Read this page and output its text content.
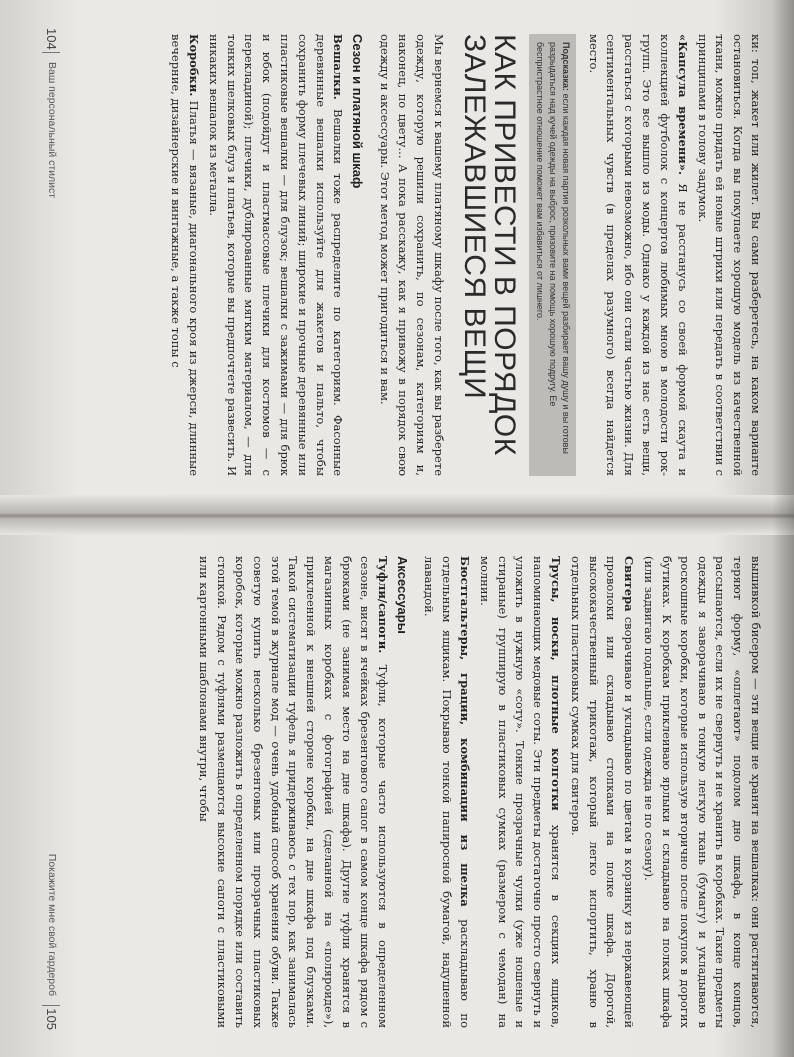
ки: топ, жакет или жилет. Вы сами разберетесь, на каком варианте остановиться. Когда вы покупаете хорошую модель из качественной ткани, можно придать ей новые штрихи или передать в соответствии с принципами в голову задумок.

«Капсула времени». Я не расстанусь со своей формой скаута и коллекцией футболок с концертов любимых мною в молодости рок-групп. Это все вышло из моды. Однако у каждой из нас есть вещи, расстаться с которыми невозможно, ибо они стали частью жизни. Для сентиментальных чувств (в пределах разумного) всегда найдется место.

Подсказка: если каждая новая партия розкольных вами вещей разбирает вашу душу и вы готовы разрыдаться над кучей одежды на выброс, призовите на помощь хорошую подругу. Ее беспристрастное отношение поможет вам избавиться от лишнего.
КАК ПРИВЕСТИ В ПОРЯДОК ЗАЛЕЖАВШИЕСЯ ВЕЩИ

Мы вернемся к вашему платяному шкафу после того, как вы разберете одежду, которую решили сохранить, по сезонам, категориям и, наконец, по цвету... А пока расскажу, как я привожу в порядок свою одежду и аксессуары. Этот метод может пригодиться и вам.

Сезон и платяной шкаф

Вешалки. Вешалки тоже распределите по категориям. Фасонные деревянные вешалки используйте для жакетов и пальто, чтобы сохранить форму плечевых линий; широкие и прочные деревянные или пластиковые вешалки — для блузок; вешалки с зажимами — для брюк и юбок (подойдут и пластмассовые плечики для костюмов — с перекладиной); плечики, дублированные мягким материалом, — для тонких шелковых блуз и платьев, которые вы предпочтете развесить. И никаких вешалок из металла.

Коробки. Платья — вязаные, диагонального кроя из джерси, длинные вечерние, дизайнерские и винтажные, а также топы с

104
Ваш персональный стилист

вышивкой бисером — эти вещи не хранят на вешалках: они растягиваются, теряют форму, «оплетают» подолом дно шкафа, в конце концов, рассыпаются, если их не свернуть и не хранить в коробках. Такие предметы одежды я заворачиваю в тонкую легкую ткань (бумагу) и укладываю в роскошные коробки, которые использую вторично после покупок в дорогих бутиках. К коробкам приклеиваю ярлыки и складываю на полках шкафа (или задвигаю подальше, если одежда не по сезону).

Свитера сворачиваю и укладываю по цветам в корзинку из нержавеющей проволоки или складываю стопками на полке шкафа. Дорогой, высококачественный трикотаж, который легко испортить, храню в отдельных пластиковых сумках для свитеров.

Трусы, носки, плотные колготки хранятся в секциях ящиков, напоминающих медовые соты. Эти предметы достаточно просто свернуть и уложить в нужную «соту». Тонкие прозрачные чулки (уже ношеные и стираные) группирую в пластиковых сумках (размером с чемодан) на молнии.

Бюстгальтеры, грации, комбинации из шелка раскладываю по отдельным ящикам. Покрываю тонкой папиросной бумагой, надушенной лавандой.

Аксессуары

Туфли/сапоги. Туфли, которые часто используются в определенном сезоне, висят в ячейках брезентового сапог в самом конце шкафа рядом с брюками (не занимая место на дне шкафа). Другие туфли хранятся в магазинных коробках с фотографией (сделанной на «поляроиде»), приклеенной к внешней стороне коробки, на дне шкафа под блузками. Такой систематизации туфель я придерживаюсь с тех пор, как занималась этой темой в журнале мод — очень удобный способ хранения обуви. Также советую купить несколько брезентовых или прозрачных пластиковых коробок, которые можно разложить в определенном порядке или составить стопкой. Рядом с туфлями размещаются высокие сапоги с пластиковыми или картонными шаблонами внутри, чтобы

Покажите мне свой гардероб
105
